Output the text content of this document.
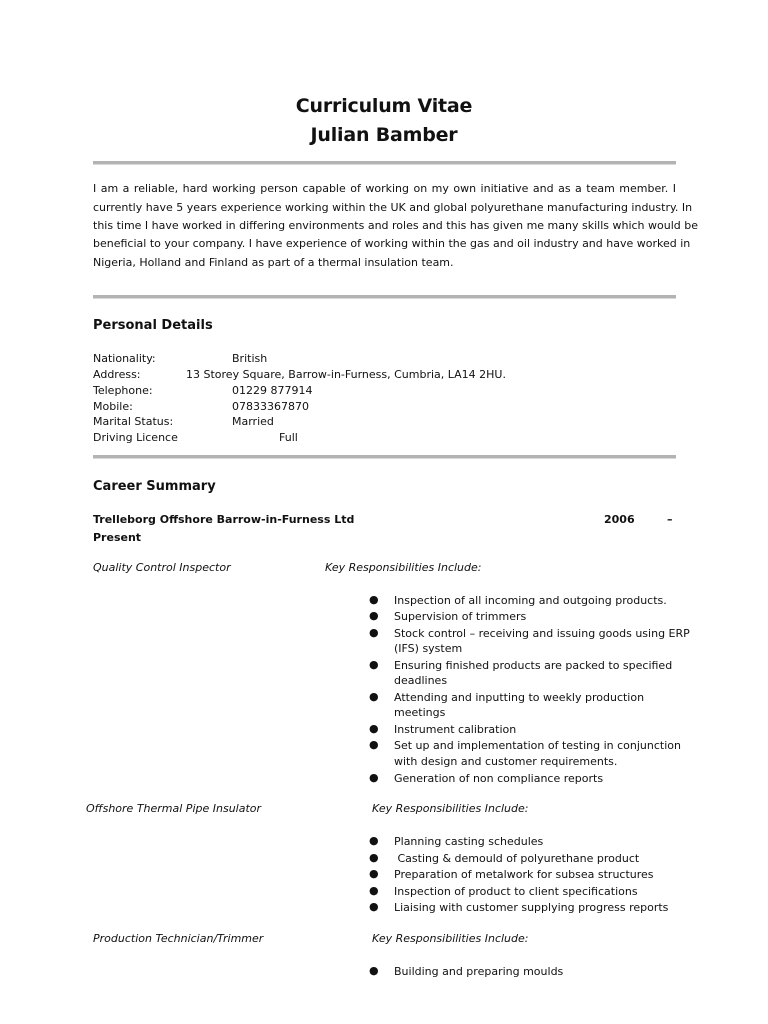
Curriculum Vitae
Julian Bamber
I am a reliable, hard working person capable of working on my own initiative and as a team member. I
currently have 5 years experience working within the UK and global polyurethane manufacturing industry. In
this time I have worked in differing environments and roles and this has given me many skills which would be
beneficial to your company. I have experience of working within the gas and oil industry and have worked in
Nigeria, Holland and Finland as part of a thermal insulation team.
Personal Details
Nationality:	British
Address:	13 Storey Square, Barrow-in-Furness, Cumbria, LA14 2HU.
Telephone:	01229 877914
Mobile:	07833367870
Marital Status:	Married
Driving Licence	Full
Career Summary
Trelleborg Offshore Barrow-in-Furness Ltd	2006	–
Present
Quality Control Inspector	Key Responsibilities Include:
● Inspection of all incoming and outgoing products.
● Supervision of trimmers
● Stock control – receiving and issuing goods using ERP
(IFS) system
● Ensuring finished products are packed to specified
deadlines
● Attending and inputting to weekly production
meetings
● Instrument calibration
● Set up and implementation of testing in conjunction
with design and customer requirements.
● Generation of non compliance reports
Offshore Thermal Pipe Insulator	Key Responsibilities Include:
● Planning casting schedules
● Casting & demould of polyurethane product
● Preparation of metalwork for subsea structures
● Inspection of product to client specifications
● Liaising with customer supplying progress reports
Production Technician/Trimmer	Key Responsibilities Include:
● Building and preparing moulds
